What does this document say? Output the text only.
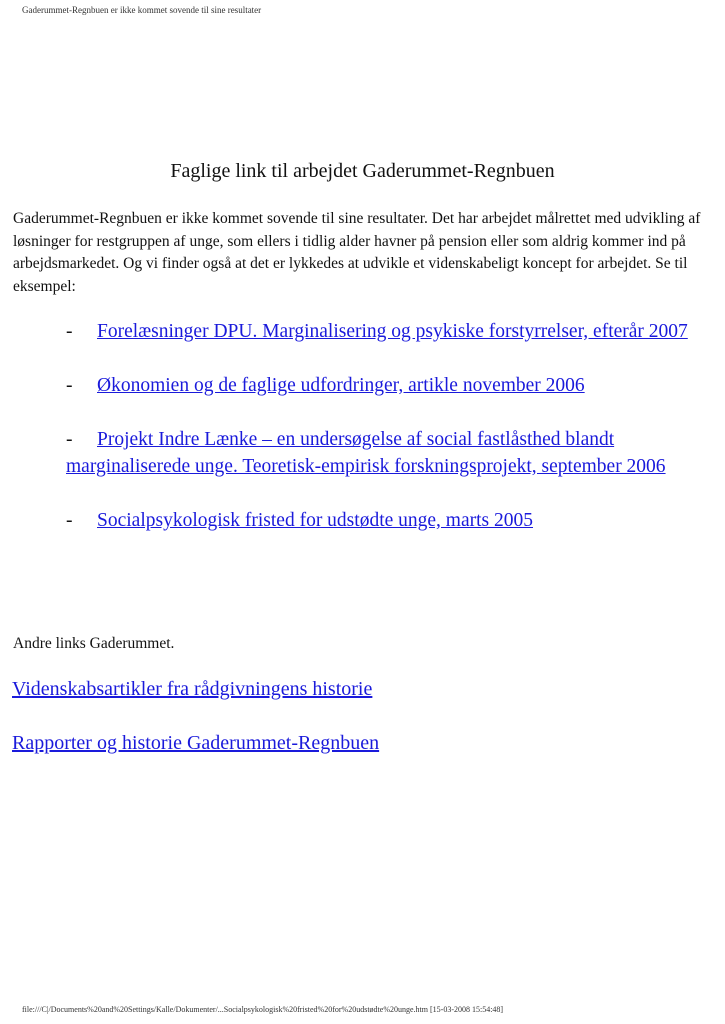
Gaderummet-Regnbuen er ikke kommet sovende til sine resultater
Faglige link til arbejdet Gaderummet-Regnbuen

Gaderummet-Regnbuen er ikke kommet sovende til sine resultater. Det har arbejdet målrettet med udvikling af løsninger for restgruppen af unge, som ellers i tidlig alder havner på pension eller som aldrig kommer ind på arbejdsmarkedet. Og vi finder også at det er lykkedes at udvikle et videnskabeligt koncept for arbejdet. Se til eksempel:

- Forelæsninger DPU. Marginalisering og psykiske forstyrrelser, efterår 2007
- Økonomien og de faglige udfordringer, artikle november 2006
- Projekt Indre Lænke – en undersøgelse af social fastlåsthed blandt marginaliserede unge. Teoretisk-empirisk forskningsprojekt, september 2006
- Socialpsykologisk fristed for udstødte unge, marts 2005

Andre links Gaderummet.

Videnskabsartikler fra rådgivningens historie
Rapporter og historie Gaderummet-Regnbuen
file:///C|/Documents%20and%20Settings/Kalle/Dokumenter/...Socialpsykologisk%20fristed%20for%20udstødte%20unge.htm [15-03-2008 15:54:48]
